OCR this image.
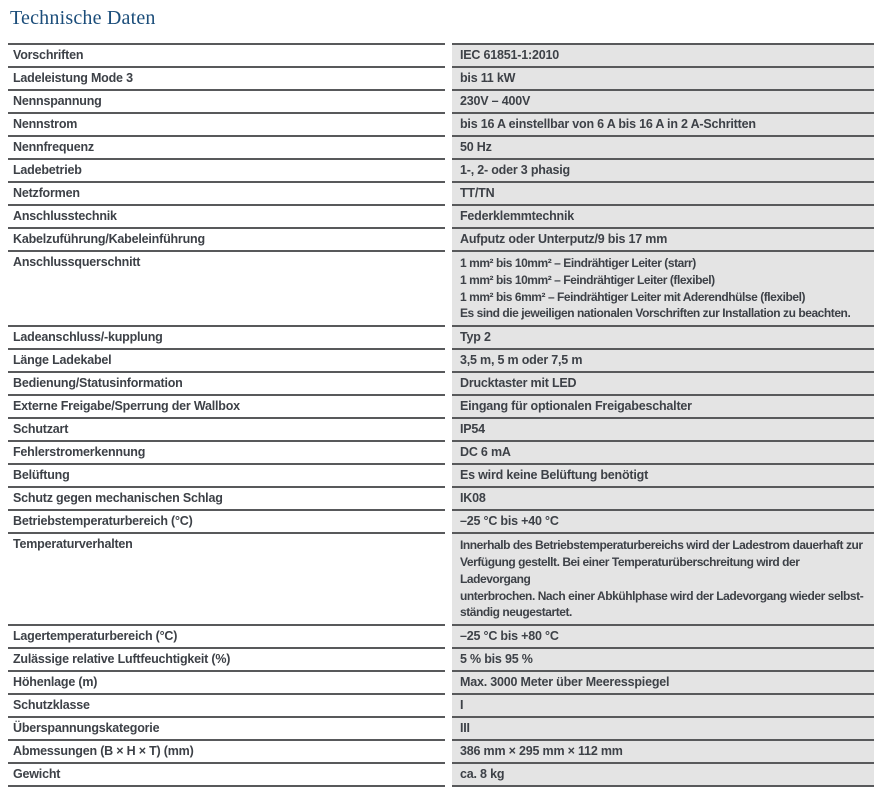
Technische Daten
Vorschriften	IEC 61851-1:2010
Ladeleistung Mode 3	bis 11 kW
Nennspannung	230V – 400V
Nennstrom	bis 16 A einstellbar von 6 A bis 16 A in 2 A-Schritten
Nennfrequenz	50 Hz
Ladebetrieb	1-, 2- oder 3 phasig
Netzformen	TT/TN
Anschlusstechnik	Federklemmtechnik
Kabelzuführung/Kabeleinführung	Aufputz oder Unterputz/9 bis 17 mm
Anschlussquerschnitt	1 mm² bis 10mm² – Eindrähtiger Leiter (starr)
1 mm² bis 10mm² – Feindrähtiger Leiter (flexibel)
1 mm² bis 6mm² – Feindrähtiger Leiter mit Aderendhülse (flexibel)
Es sind die jeweiligen nationalen Vorschriften zur Installation zu beachten.
Ladeanschluss/-kupplung	Typ 2
Länge Ladekabel	3,5 m, 5 m oder 7,5 m
Bedienung/Statusinformation	Drucktaster mit LED
Externe Freigabe/Sperrung der Wallbox	Eingang für optionalen Freigabeschalter
Schutzart	IP54
Fehlerstromerkennung	DC 6 mA
Belüftung	Es wird keine Belüftung benötigt
Schutz gegen mechanischen Schlag	IK08
Betriebstemperaturbereich (°C)	–25 °C bis +40 °C
Temperaturverhalten	Innerhalb des Betriebstemperaturbereichs wird der Ladestrom dauerhaft zur
Verfügung gestellt. Bei einer Temperaturüberschreitung wird der Ladevorgang
unterbrochen. Nach einer Abkühlphase wird der Ladevorgang wieder selbst-
ständig neugestartet.
Lagertemperaturbereich (°C)	–25 °C bis +80 °C
Zulässige relative Luftfeuchtigkeit (%)	5 % bis 95 %
Höhenlage (m)	Max. 3000 Meter über Meeresspiegel
Schutzklasse	I
Überspannungskategorie	III
Abmessungen (B × H × T) (mm)	386 mm × 295 mm × 112 mm
Gewicht	ca. 8 kg
